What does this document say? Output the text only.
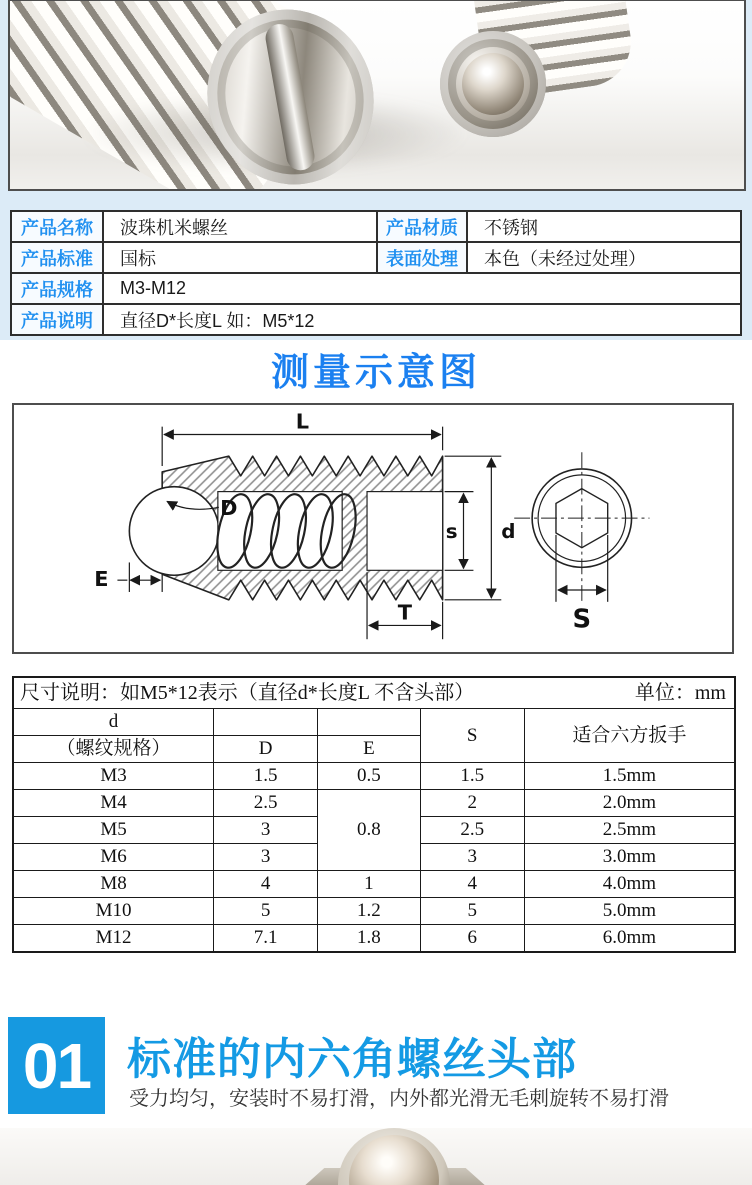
产品名称	波珠机米螺丝	产品材质	不锈钢
产品标准	国标	表面处理	本色（未经过处理）
产品规格	M3-M12
产品说明	直径D*长度L 如：M5*12
测量示意图
L
D
E
s d
T	S
尺寸说明：如M5*12表示（直径d*长度L 不含头部） 单位：mm				

d			S	适合六方扳手
（螺纹规格）	D	E		
M3	1.5	0.5	1.5	1.5mm
M4	2.5	0.8	2	2.0mm
M5	3		2.5	2.5mm
M6	3		3	3.0mm
M8	4	1	4	4.0mm
M10	5	1.2	5	5.0mm
M12	7.1	1.8	6	6.0mm
01 标准的内六角螺丝头部
受力均匀，安装时不易打滑，内外都光滑无毛刺旋转不易打滑
